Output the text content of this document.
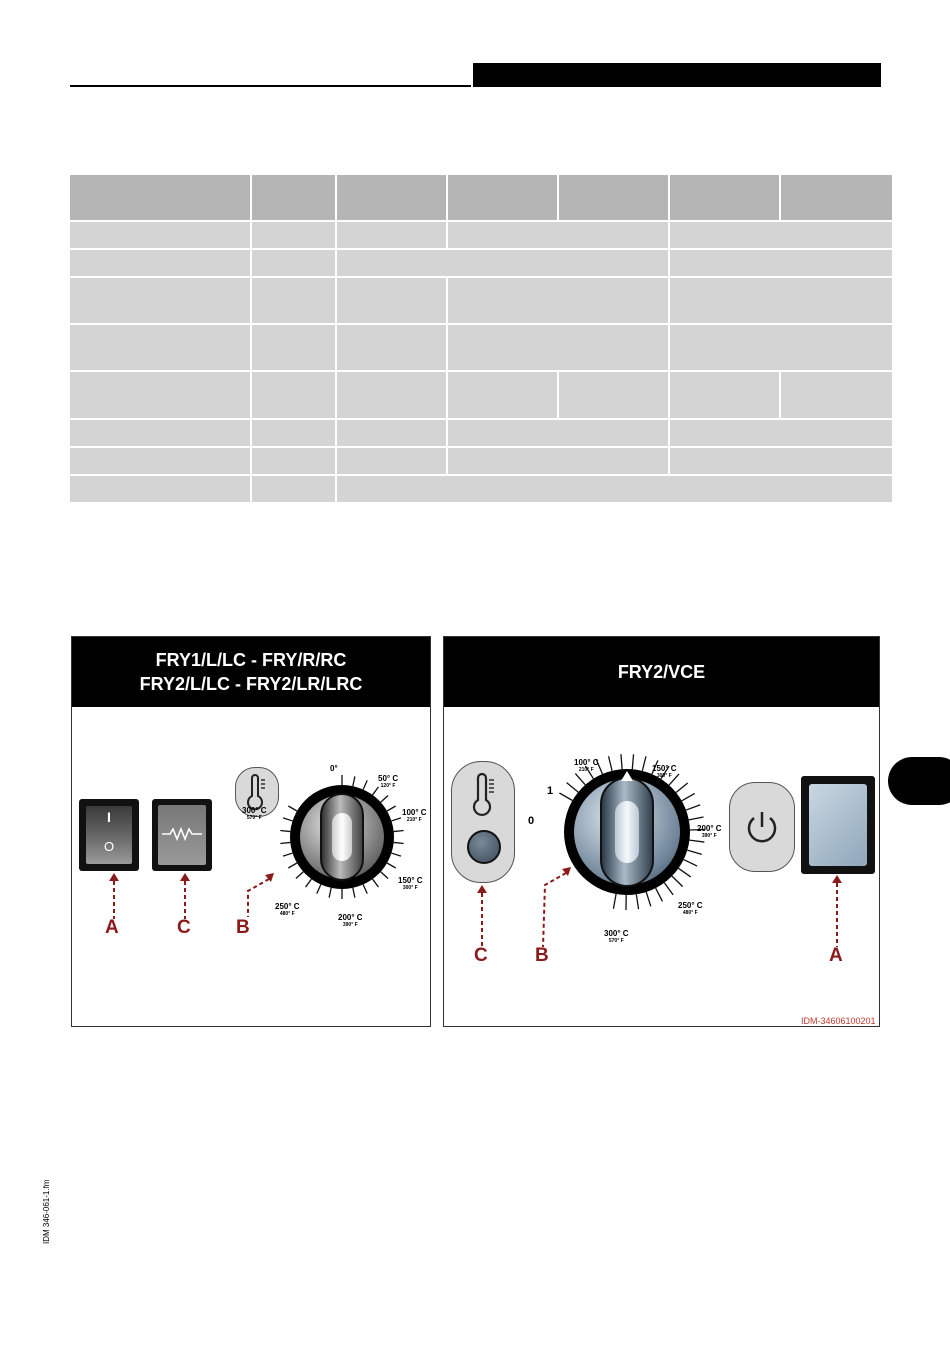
FRY1/L/LC - FRY/R/RC
FRY2/L/LC - FRY2/LR/LRC
I
O
0°
50° C
120° F
100° C
210° F
150° C
300° F
200° C
390° F
250° C
480° F
300° C
570° F
A	C B
FRY2/VCE
0
1
100° C
210° F	150° C
300° F
200° C
390° F
250° C
480° F
300° C
570° F
C B	A
IDM-34606100201
IDM 346-061-1.fm
